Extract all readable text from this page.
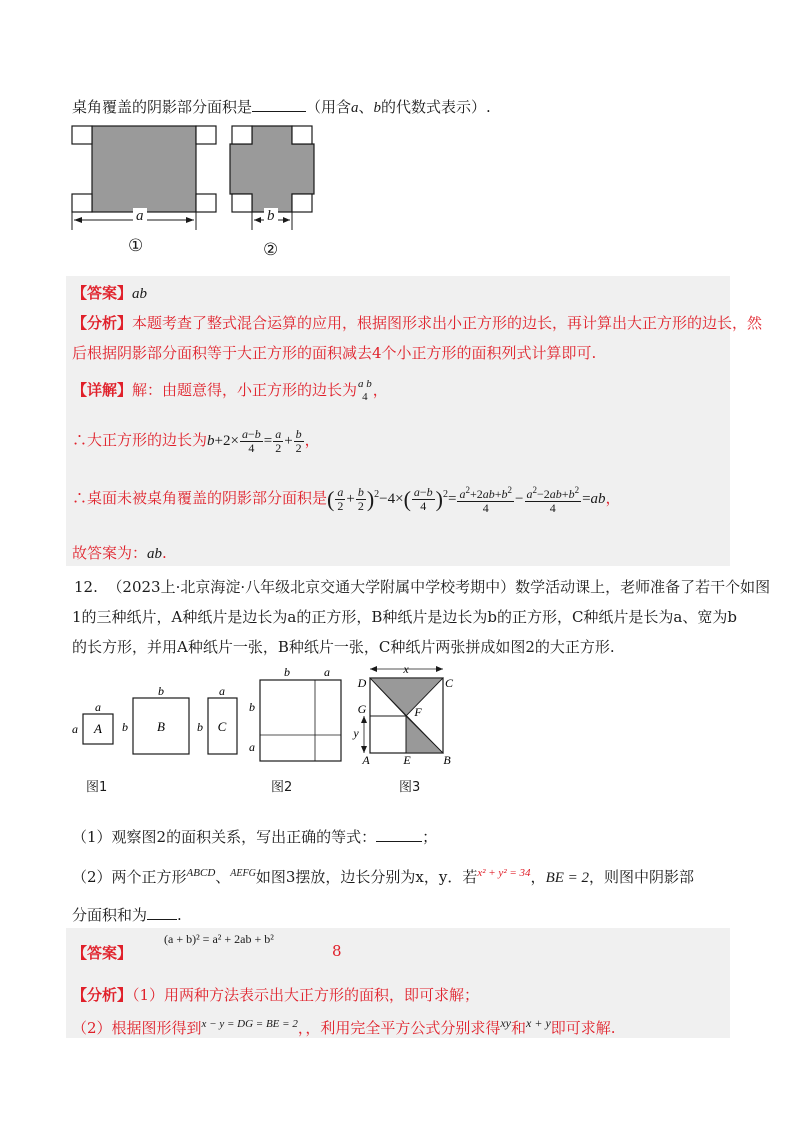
桌角覆盖的阴影部分面积是	（用含a、b的代数式表示）.
a	b
①	②
【答案】ab
【分析】本题考查了整式混合运算的应用，根据图形求出小正方形的边长，再计算出大正方形的边长，然
后根据阴影部分面积等于大正方形的面积减去4个小正方形的面积列式计算即可.
【详解】解：由题意得，小正方形的边长为 a b
4 ，
∴大正方形的边长为$b+2\times \frac{a-b}{4} = \frac{a}{2} + \frac{b}{2}$ ，
∴桌面未被桌角覆盖的阴影部分面积是( $\frac{a}{2} + \frac{b}{2} )^2-4\times( \frac{a-b}{4} )^2= \frac{a^2+2ab+b^2}{4} - \frac{a^2-2ab+b^2}{4} =ab$，
故答案为：ab.
12. （2023上·北京海淀·八年级北京交通大学附属中学校考期中）数学活动课上，老师准备了若干个如图
1的三种纸片，A种纸片是边长为a的正方形，B种纸片是边长为b的正方形，C种纸片是长为a、宽为b
的长方形，并用A种纸片一张，B种纸片一张，C种纸片两张拼成如图2的大正方形.
a
a A
b
b B
a
b C
b	a
b
a
x
y
D	C
G	F
A	E	B
图1	图2	图3
（1）观察图2的面积关系，写出正确的等式：	；
（2）两个正方形$^{ABCD}$、$^{AEFG}$如图3摆放，边长分别为x，y．若$^{x^2 + y^2 = 34}$，BE = 2，则图中阴影部
分面积和为 .
【答案】
(a + b)² = a² + 2ab + b²
8
【分析】（1）用两种方法表示出大正方形的面积，即可求解；
（2）根据图形得到$^{x - y = DG = BE = 2}$，，利用完全平方公式分别求得$^{xy}$和$^{x + y}$即可求解.
